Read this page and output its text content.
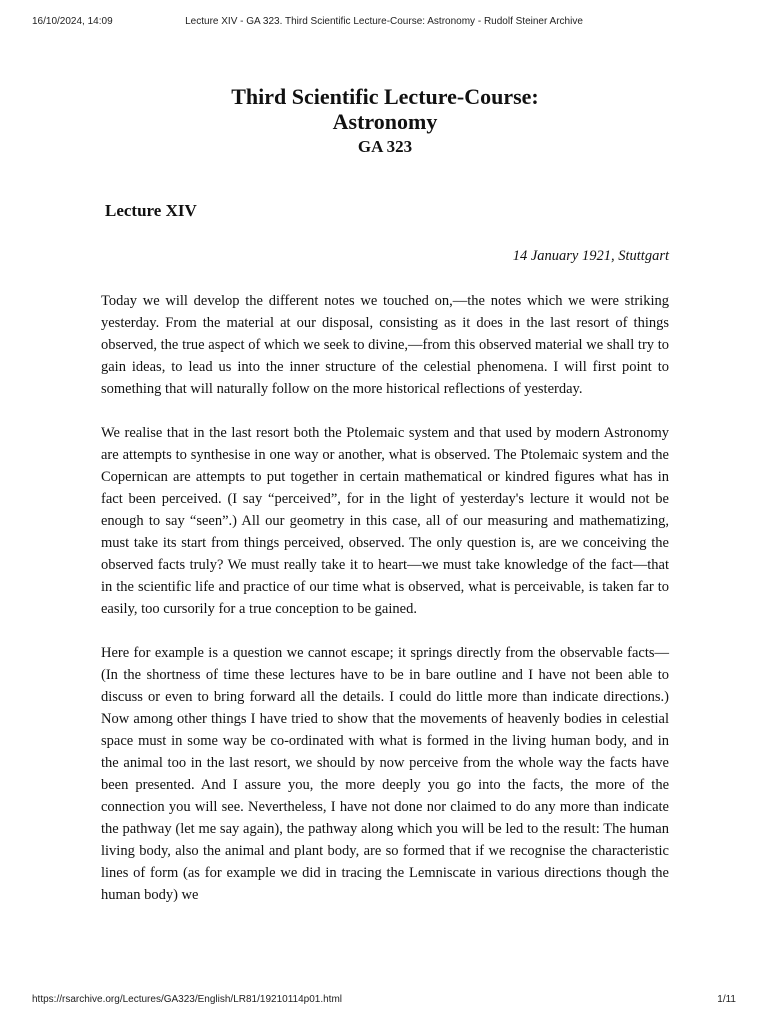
16/10/2024, 14:09	Lecture XIV - GA 323. Third Scientific Lecture-Course: Astronomy - Rudolf Steiner Archive
Third Scientific Lecture-Course:
Astronomy
GA 323
Lecture XIV
14 January 1921, Stuttgart

Today we will develop the different notes we touched on,—the notes which we were striking yesterday. From the material at our disposal, consisting as it does in the last resort of things observed, the true aspect of which we seek to divine,—from this observed material we shall try to gain ideas, to lead us into the inner structure of the celestial phenomena. I will first point to something that will naturally follow on the more historical reflections of yesterday.

We realise that in the last resort both the Ptolemaic system and that used by modern Astronomy are attempts to synthesise in one way or another, what is observed. The Ptolemaic system and the Copernican are attempts to put together in certain mathematical or kindred figures what has in fact been perceived. (I say “perceived”, for in the light of yesterday's lecture it would not be enough to say “seen”.) All our geometry in this case, all of our measuring and mathematizing, must take its start from things perceived, observed. The only question is, are we conceiving the observed facts truly? We must really take it to heart—we must take knowledge of the fact—that in the scientific life and practice of our time what is observed, what is perceivable, is taken far to easily, too cursorily for a true conception to be gained.

Here for example is a question we cannot escape; it springs directly from the observable facts—(In the shortness of time these lectures have to be in bare outline and I have not been able to discuss or even to bring forward all the details. I could do little more than indicate directions.) Now among other things I have tried to show that the movements of heavenly bodies in celestial space must in some way be co-ordinated with what is formed in the living human body, and in the animal too in the last resort, we should by now perceive from the whole way the facts have been presented. And I assure you, the more deeply you go into the facts, the more of the connection you will see. Nevertheless, I have not done nor claimed to do any more than indicate the pathway (let me say again), the pathway along which you will be led to the result: The human living body, also the animal and plant body, are so formed that if we recognise the characteristic lines of form (as for example we did in tracing the Lemniscate in various directions though the human body) we

https://rsarchive.org/Lectures/GA323/English/LR81/19210114p01.html	1/11
